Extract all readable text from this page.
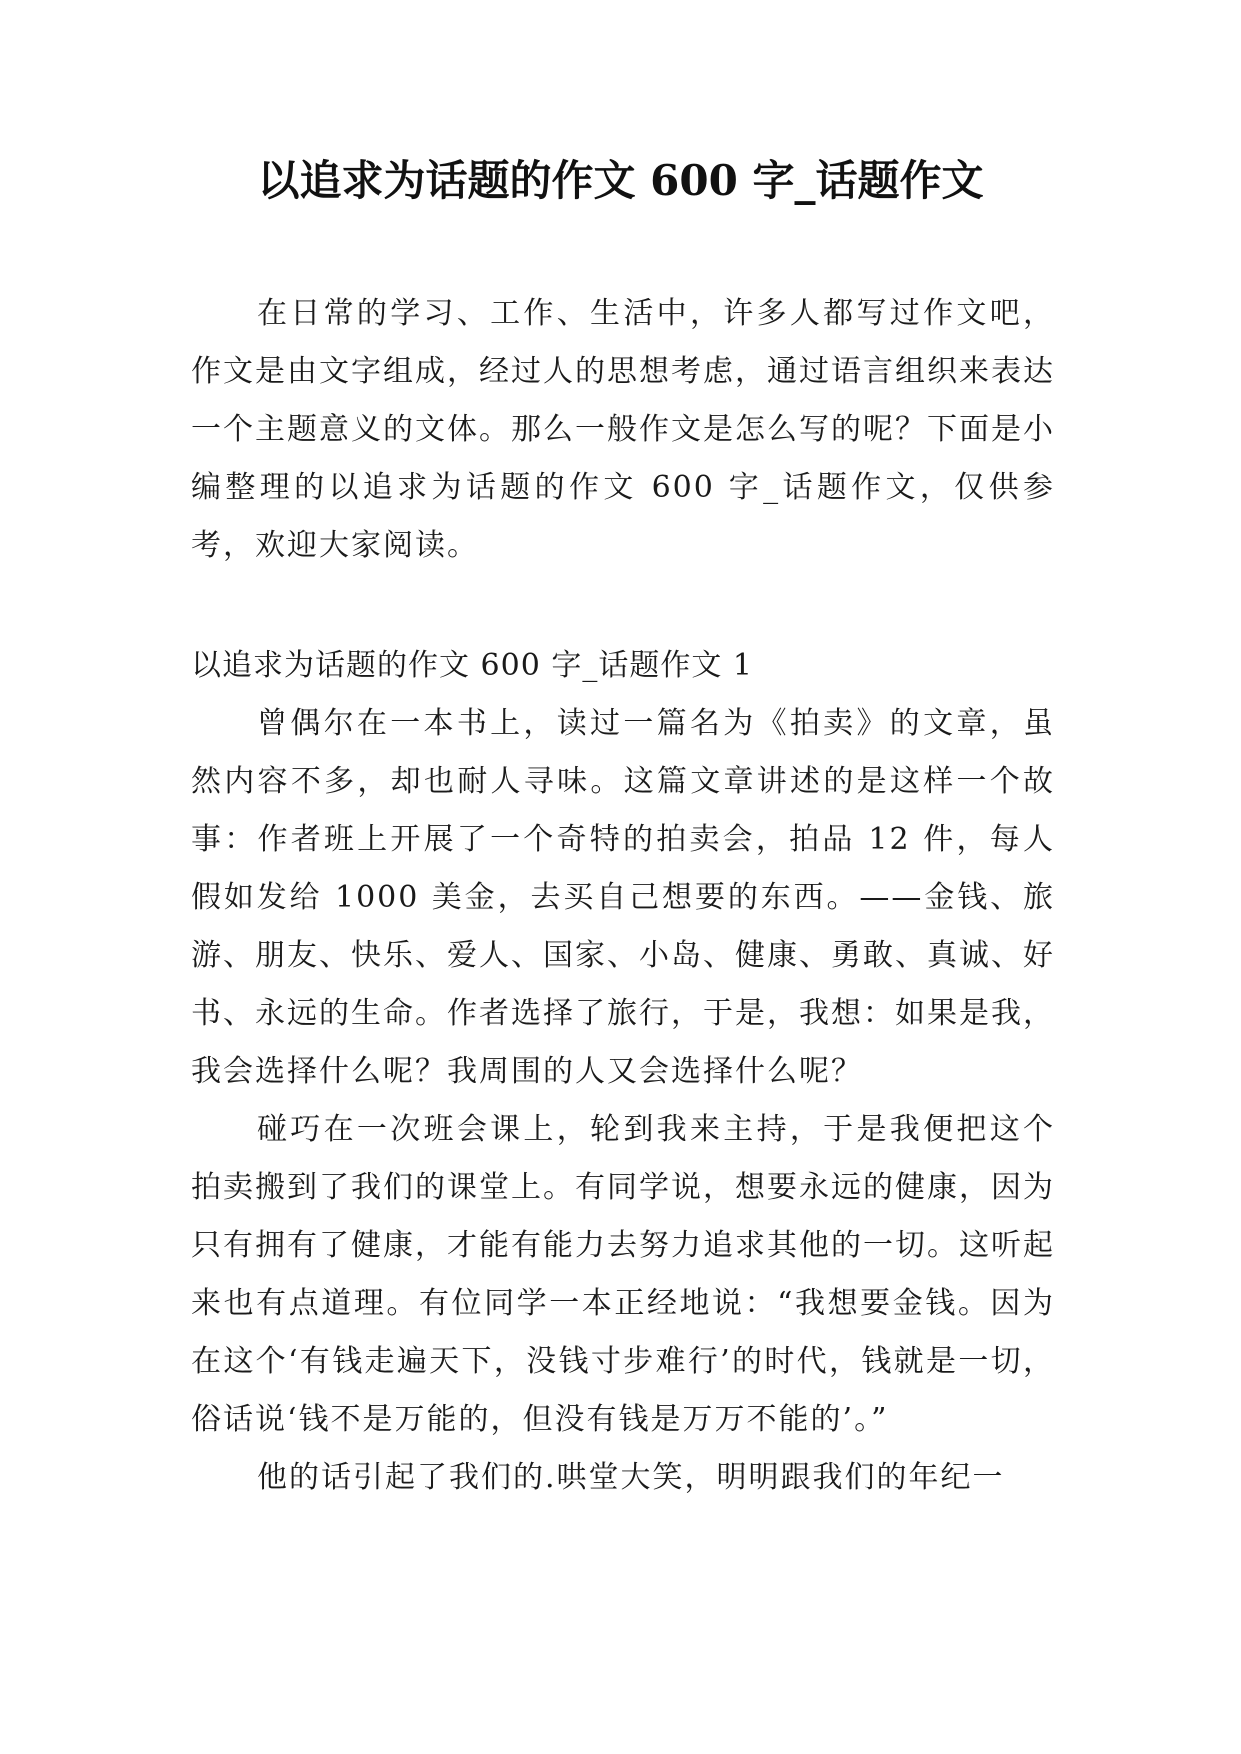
以追求为话题的作文 600 字_话题作文

在日常的学习、工作、生活中，许多人都写过作文吧，作文是由文字组成，经过人的思想考虑，通过语言组织来表达一个主题意义的文体。那么一般作文是怎么写的呢？下面是小编整理的以追求为话题的作文 600 字_话题作文，仅供参考，欢迎大家阅读。

以追求为话题的作文 600 字_话题作文 1

曾偶尔在一本书上，读过一篇名为《拍卖》的文章，虽然内容不多，却也耐人寻味。这篇文章讲述的是这样一个故事：作者班上开展了一个奇特的拍卖会，拍品 12 件，每人假如发给 1000 美金，去买自己想要的东西。——金钱、旅游、朋友、快乐、爱人、国家、小岛、健康、勇敢、真诚、好书、永远的生命。作者选择了旅行，于是，我想：如果是我，我会选择什么呢？我周围的人又会选择什么呢？

碰巧在一次班会课上，轮到我来主持，于是我便把这个拍卖搬到了我们的课堂上。有同学说，想要永远的健康，因为只有拥有了健康，才能有能力去努力追求其他的一切。这听起来也有点道理。有位同学一本正经地说：“我想要金钱。因为在这个‘有钱走遍天下，没钱寸步难行’的时代，钱就是一切，俗话说‘钱不是万能的，但没有钱是万万不能的’。”

他的话引起了我们的.哄堂大笑，明明跟我们的年纪一
